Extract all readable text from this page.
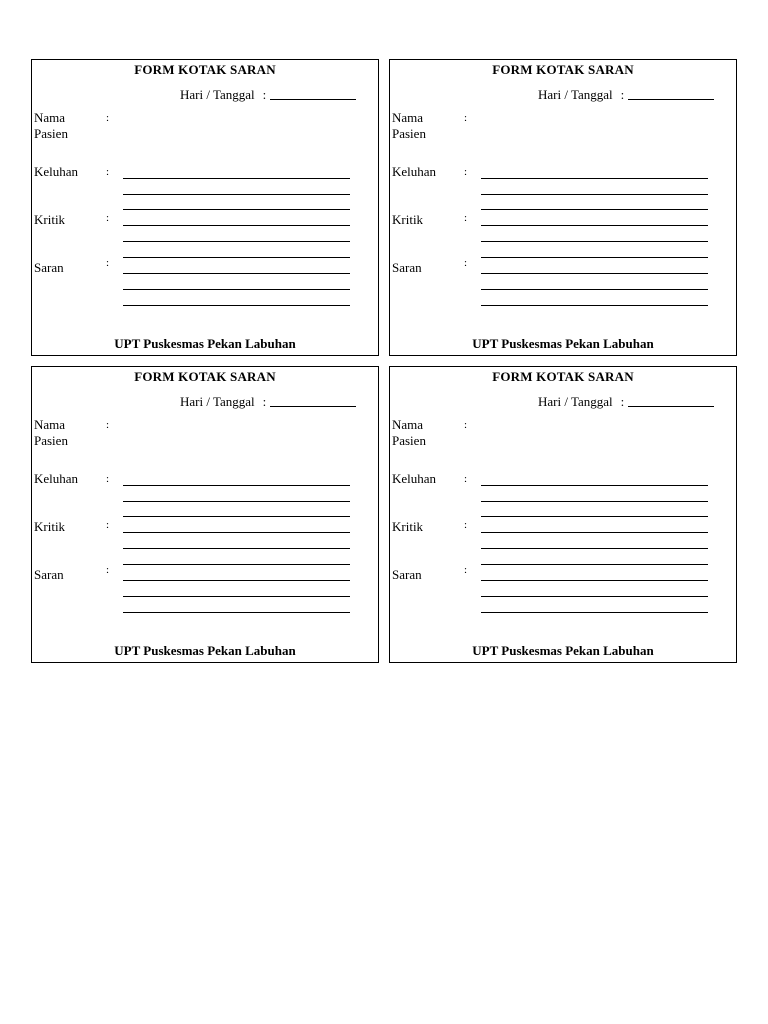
FORM KOTAK SARAN
Hari / Tanggal :
Nama
Pasien
:
Keluhan	:
Kritik	:
Saran	:
UPT Puskesmas Pekan Labuhan
FORM KOTAK SARAN
Hari / Tanggal :
Nama
Pasien
:
Keluhan	:
Kritik	:
Saran	:
UPT Puskesmas Pekan Labuhan
FORM KOTAK SARAN
Hari / Tanggal :
Nama
Pasien
:
Keluhan	:
Kritik	:
Saran	:
UPT Puskesmas Pekan Labuhan
FORM KOTAK SARAN
Hari / Tanggal :
Nama
Pasien
:
Keluhan	:
Kritik	:
Saran	:
UPT Puskesmas Pekan Labuhan
